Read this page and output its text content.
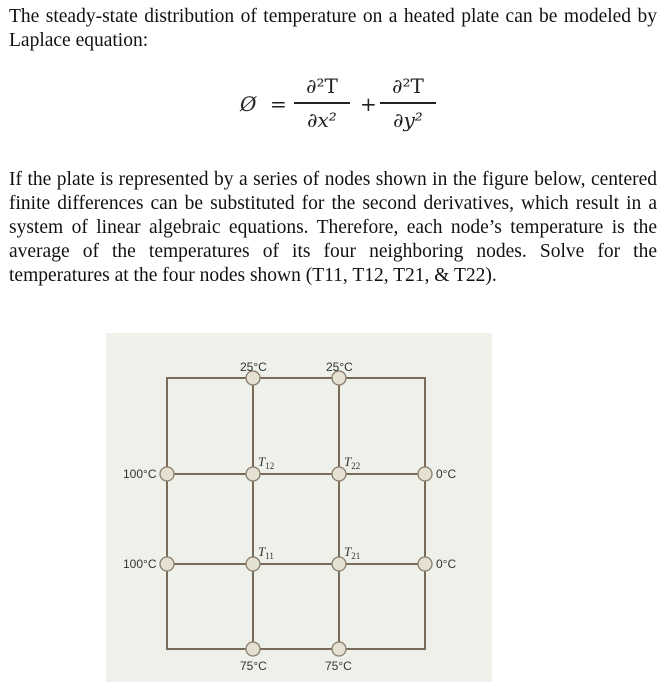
The steady-state distribution of temperature on a heated plate can be modeled by Laplace equation:
Ø =
∂²T
∂x²
+
∂²T
∂y²
If the plate is represented by a series of nodes shown in the figure below, centered finite differences can be substituted for the second derivatives, which result in a system of linear algebraic equations. Therefore, each node’s temperature is the average of the temperatures of its four neighboring nodes. Solve for the temperatures at the four nodes shown (T11, T12, T21, & T22).
25°C	25°C
100°C
100°C
0°C
0°C
75°C	75°C
$T_{12}$	$T_{22}$
$T_{11}$	$T_{21}$
